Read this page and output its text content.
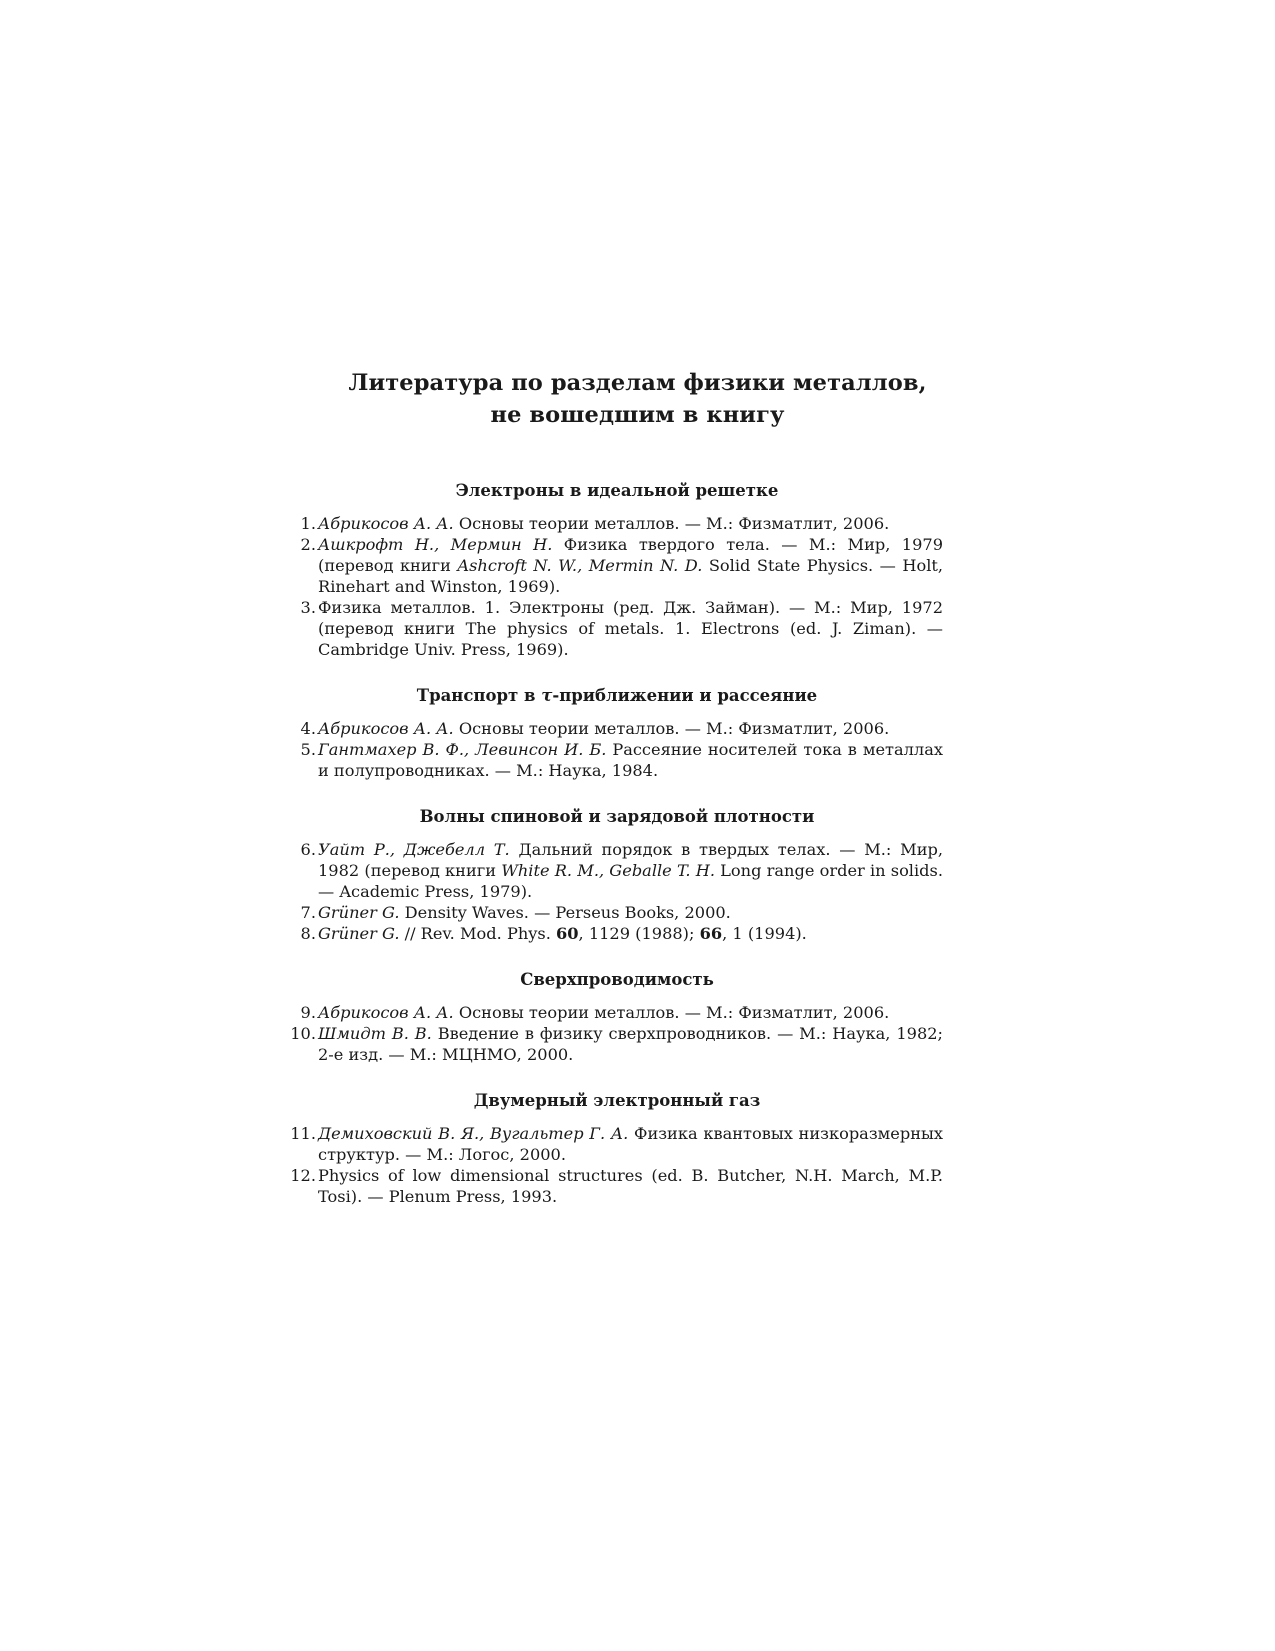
Литература по разделам физики металлов,
не вошедшим в книгу
Электроны в идеальной решетке
1. Абрикосов А. А. Основы теории металлов. — М.: Физматлит, 2006.
2. Ашкрофт Н., Мермин Н. Физика твердого тела. — М.: Мир, 1979 (перевод книги Ashcroft N. W., Mermin N. D. Solid State Physics. — Holt, Rinehart and Winston, 1969).
3. Физика металлов. 1. Электроны (ред. Дж. Займан). — М.: Мир, 1972 (перевод книги The physics of metals. 1. Electrons (ed. J. Ziman). — Cambridge Univ. Press, 1969).
Транспорт в τ-приближении и рассеяние
4. Абрикосов А. А. Основы теории металлов. — М.: Физматлит, 2006.
5. Гантмахер В. Ф., Левинсон И. Б. Рассеяние носителей тока в металлах и полупроводниках. — М.: Наука, 1984.
Волны спиновой и зарядовой плотности
6. Уайт Р., Джебелл Т. Дальний порядок в твердых телах. — М.: Мир, 1982 (перевод книги White R. M., Geballe T. H. Long range order in solids. — Academic Press, 1979).
7. Grüner G. Density Waves. — Perseus Books, 2000.
8. Grüner G. // Rev. Mod. Phys. 60, 1129 (1988); 66, 1 (1994).
Сверхпроводимость
9. Абрикосов А. А. Основы теории металлов. — М.: Физматлит, 2006.
10. Шмидт В. В. Введение в физику сверхпроводников. — М.: Наука, 1982; 2-е изд. — М.: МЦНМО, 2000.
Двумерный электронный газ
11. Демиховский В. Я., Вугальтер Г. А. Физика квантовых низкоразмерных структур. — М.: Логос, 2000.
12. Physics of low dimensional structures (ed. B. Butcher, N.H. March, M.P. Tosi). — Plenum Press, 1993.
